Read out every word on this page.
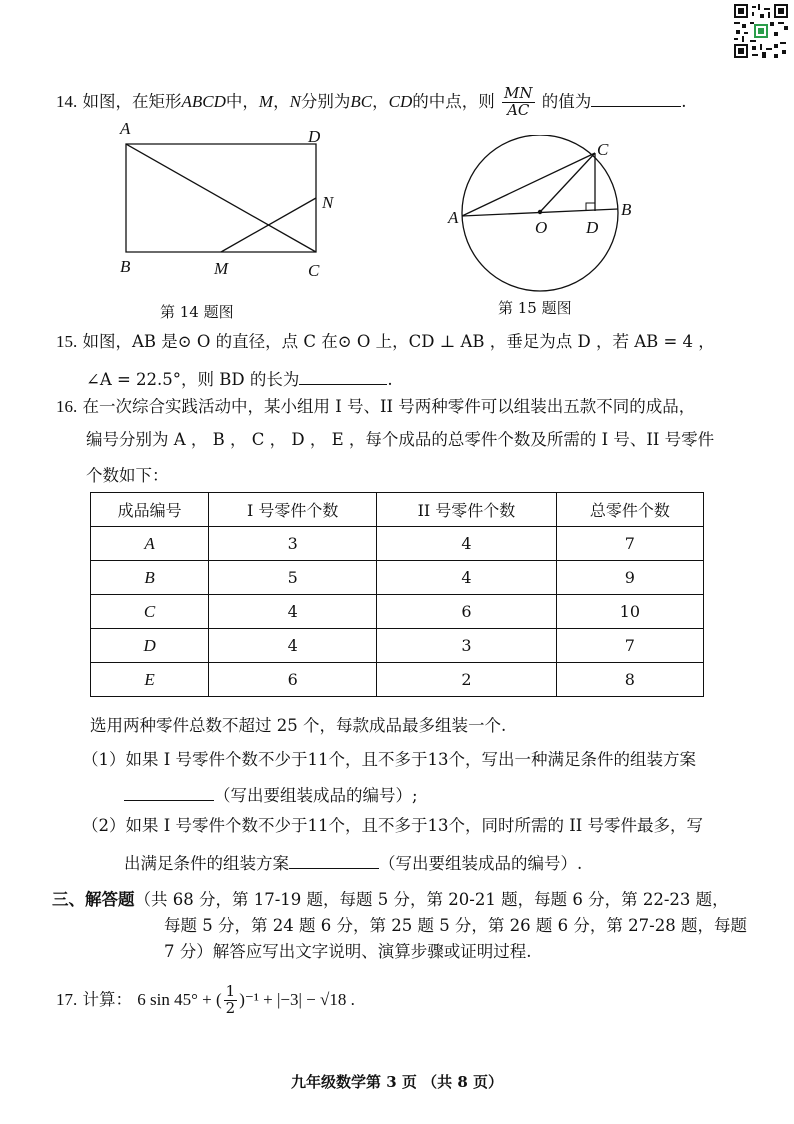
14. 如图，在矩形ABCD中，M，N分别为BC，CD的中点，则 $\frac{MN}{AC}$ 的值为	.
A	D
B	M	C
N
第 14 题图
A	B
C
D
O
第 15 题图
15. 如图，AB 是⊙ O 的直径，点 C 在⊙ O 上，CD ⊥ AB ，垂足为点 D ，若 AB = 4 ，
∠A = 22.5°，则 BD 的长为	.
16. 在一次综合实践活动中，某小组用 I 号、II 号两种零件可以组装出五款不同的成品，
编号分别为 A ， B ， C ， D ， E ，每个成品的总零件个数及所需的 I 号、II 号零件
个数如下：
成品编号	I 号零件个数	II 号零件个数	总零件个数
A	3	4	7
B	5	4	9
C	4	6	10
D	4	3	7
E	6	2	8
选用两种零件总数不超过 25 个，每款成品最多组装一个.
（1）如果 I 号零件个数不少于11个，且不多于13个，写出一种满足条件的组装方案
（写出要组装成品的编号）;
（2）如果 I 号零件个数不少于11个，且不多于13个，同时所需的 II 号零件最多，写
出满足条件的组装方案	（写出要组装成品的编号）.
三、解答题（共 68 分，第 17-19 题，每题 5 分，第 20-21 题，每题 6 分，第 22-23 题，
每题 5 分，第 24 题 6 分，第 25 题 5 分，第 26 题 6 分，第 27-28 题，每题
7 分）解答应写出文字说明、演算步骤或证明过程.
17. 计算： 6 sin 45° + ( $\frac{1}{2} )^{-1} + |-3| - √18$ .
九年级数学第 3 页 （共 8 页）
